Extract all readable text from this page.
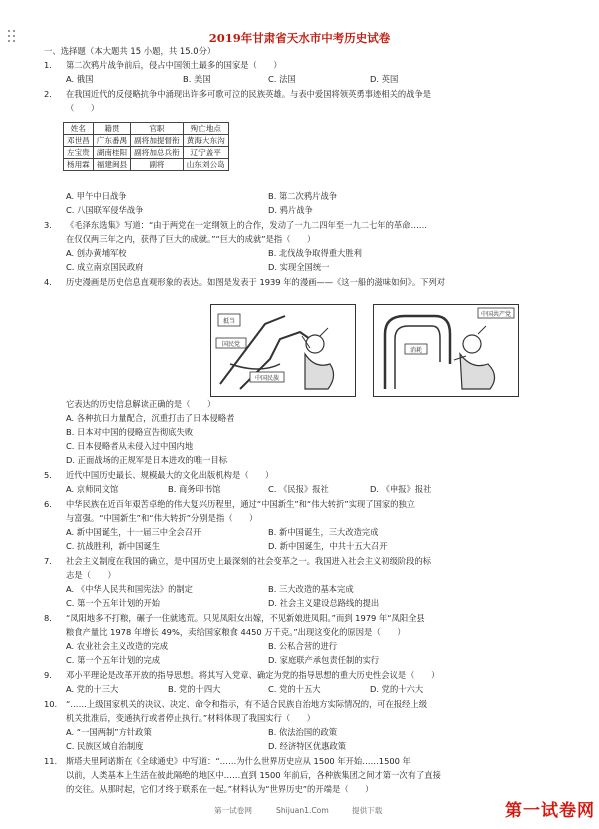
2019年甘肃省天水市中考历史试卷
一、选择题（本大题共 15 小题，共 15.0分）
1. 第二次鸦片战争前后，侵占中国领土最多的国家是（　　）
A. 俄国	B. 美国	C. 法国	D. 英国
2. 在我国近代的反侵略抗争中涌现出许多可歌可泣的民族英雄。与表中爱国将领英勇事迹相关的战争是
（　　）
姓名	籍贯	官职	殉亡地点
邓世昌	广东番禺	副将加提督衔	黄海大东沟
左宝贵	湖南桂阳	副将加总兵衔	辽宁盖平
杨用霖	福建闽县	副将	山东刘公岛
A. 甲午中日战争	B. 第二次鸦片战争
C. 八国联军侵华战争	D. 鸦片战争
3. 《毛泽东选集》写道：“由于两党在一定纲领上的合作，发动了一九二四年至一九二七年的革命……
在仅仅两三年之内，获得了巨大的成就。”“巨大的成就”是指（　　）
A. 创办黄埔军校	B. 北伐战争取得重大胜利
C. 成立南京国民政府	D. 实现全国统一
4. 历史漫画是历史信息直观形象的表达。如图是发表于 1939 年的漫画——《这一船的滋味如何》。下列对
抵当
国民党
中国民族
消耗
中国共产党
它表达的历史信息解读正确的是（　　）
A. 各种抗日力量配合，沉重打击了日本侵略者
B. 日本对中国的侵略宣告彻底失败
C. 日本侵略者从未侵入过中国内地
D. 正面战场的正规军是日本进攻的唯一目标
5. 近代中国历史最长、规模最大的文化出版机构是（　　）
A. 京师同文馆	B. 商务印书馆	C. 《民报》报社	D. 《申报》报社
6. 中华民族在近百年艰苦卓绝的伟大复兴历程里，通过“中国新生”和“伟大转折”实现了国家的独立
与富强。“中国新生”和“伟大转折”分别是指（　　）
A. 新中国诞生，十一届三中全会召开	B. 新中国诞生，三大改造完成
C. 抗战胜利，新中国诞生	D. 新中国诞生，中共十五大召开
7. 社会主义制度在我国的确立，是中国历史上最深刻的社会变革之一。我国进入社会主义初级阶段的标
志是（　　）
A. 《中华人民共和国宪法》的制定	B. 三大改造的基本完成
C. 第一个五年计划的开始	D. 社会主义建设总路线的提出
8. “凤阳地多不打粮，碾子一住就逃荒。只见凤阳女出嫁，不见新娘进凤阳。”而到 1979 年“凤阳全县
粮食产量比 1978 年增长 49%，卖给国家粮食 4450 万千克。”出现这变化的原因是（　　）
A. 农业社会主义改造的完成	B. 公私合营的进行
C. 第一个五年计划的完成	D. 家庭联产承包责任制的实行
9. 邓小平理论是改革开放的指导思想。将其写入党章、确定为党的指导思想的重大历史性会议是（　　）
A. 党的十三大	B. 党的十四大	C. 党的十五大	D. 党的十六大
10. “……上级国家机关的决议、决定、命令和指示，有不适合民族自治地方实际情况的，可在报经上级
机关批准后，变通执行或者停止执行。”材料体现了我国实行（　　）
A. “一国两制”方针政策	B. 依法治国的政策
C. 民族区域自治制度	D. 经济特区优惠政策
11. 斯塔夫里阿诺斯在《全球通史》中写道：“……为什么世界历史应从 1500 年开始……1500 年
以前，人类基本上生活在彼此隔绝的地区中……直到 1500 年前后，各种族集团之间才第一次有了直接
的交往。从那时起，它们才终于联系在一起。”材料认为“世界历史”的开端是（　　）
第一试卷网	Shijuan1.Com	提供下载	第一试卷网
